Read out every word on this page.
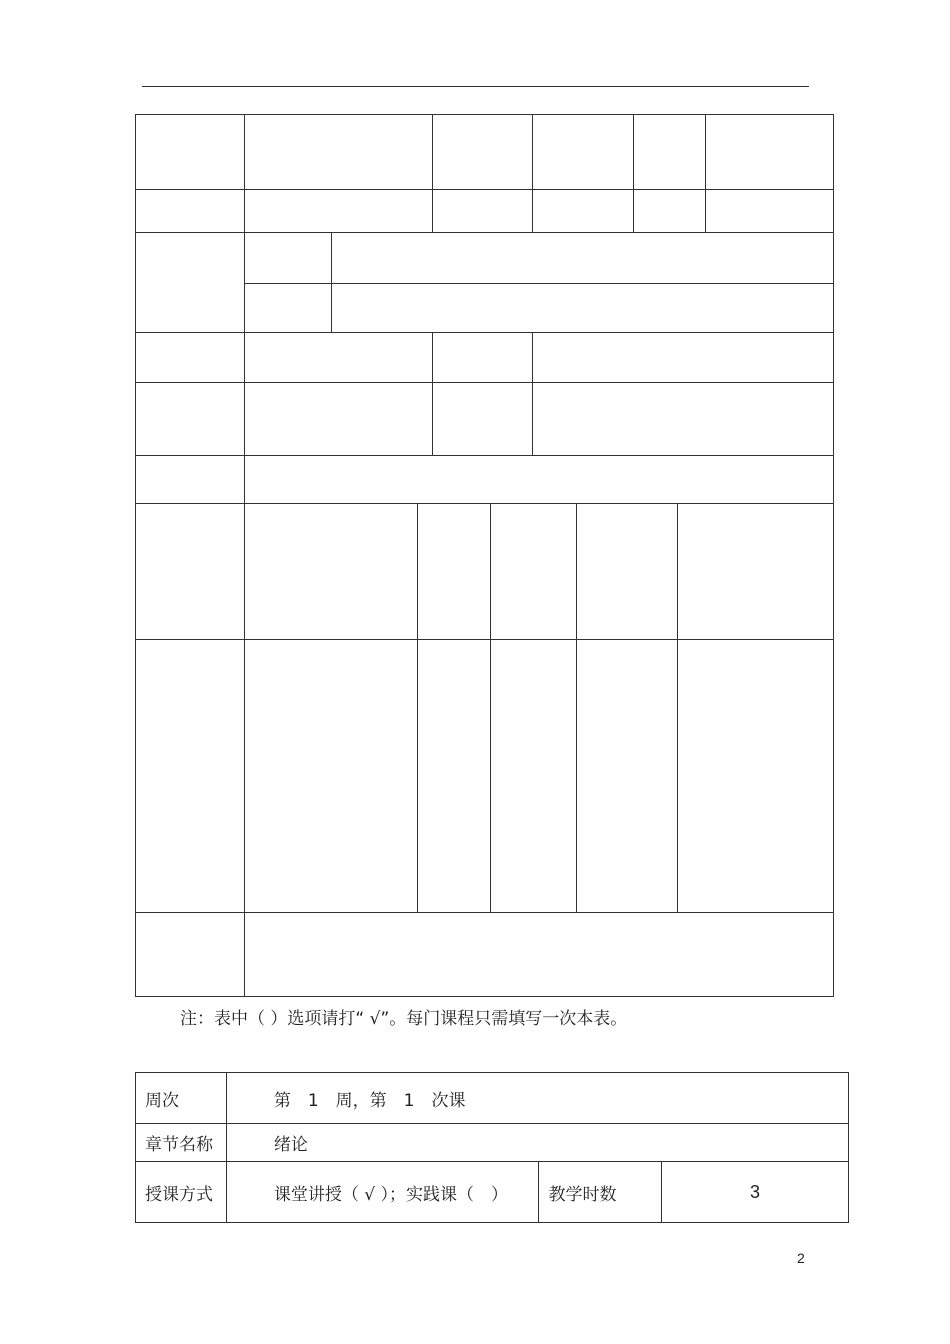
注：表中（ ）选项请打“ √”。每门课程只需填写一次本表。
周次	第　1　周，第　1　次课		
章节名称	绪论		
授课方式	课堂讲授（ √ ）；实践课（　）	教学时数	3
2
